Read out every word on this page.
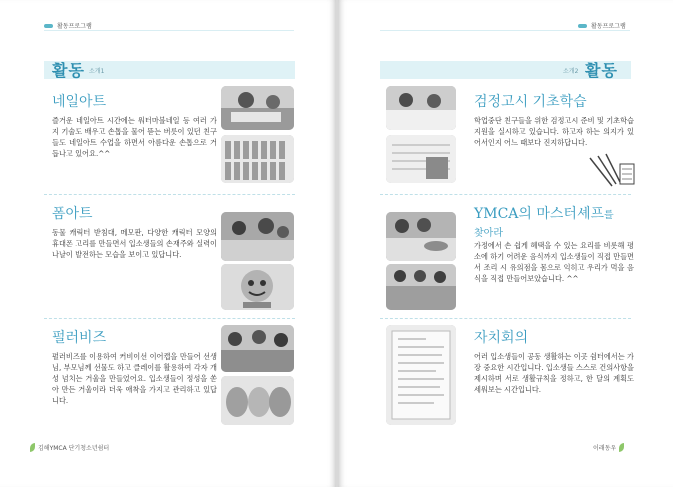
활동프로그램
활동 소개1
네일아트
즐거운 네일아트 시간에는 워터마블네일 등 여러 가지 기술도 배우고 손톱을 물어 뜯는 버릇이 있던 친구들도 네일아트 수업을 하면서 아름다운 손톱으로 거듭나고 있어요.^^
폼아트
동물 캐릭터 받침대, 메모판, 다양한 캐릭터 모양의 휴대폰 고리를 만들면서 입소생들의 손재주와 실력이 나날이 발전하는 모습을 보이고 있답니다.
펄러비즈
펄러비즈를 이용하여 커비이선 이어캡을 만들어 선생님, 부모님께 선물도 하고 클레이를 활용하여 각자 개성 넘치는 거울을 만들었어요. 입소생들이 정성을 쏟아 만든 거울이라 더욱 애착을 가지고 관리하고 있답니다.
김해YMCA 단기청소년쉼터
활동프로그램
소개2 활동
검정고시 기초학습
학업중단 친구들을 위한 검정고시 준비 및 기초학습지원을 실시하고 있습니다. 하고자 하는 의지가 있어서인지 어느 때보다 진지하답니다.
YMCA의 마스터셰프를
찾아라
가정에서 손 쉽게 혜택을 수 있는 요리를 비롯해 평소에 하기 어려운 음식까지 입소생들이 직접 만들면서 조리 시 유의점을 몸으로 익히고 우리가 먹을 음식을 직접 만들어보았습니다. ^^
자치회의
어러 입소생들이 공동 생활하는 이곳 쉼터에서는 가장 중요한 시간입니다. 입소생들 스스로 건의사항을 제시하며 서로 생활규칙을 정하고, 한 달의 계획도 세워보는 시간입니다.
이래동우
